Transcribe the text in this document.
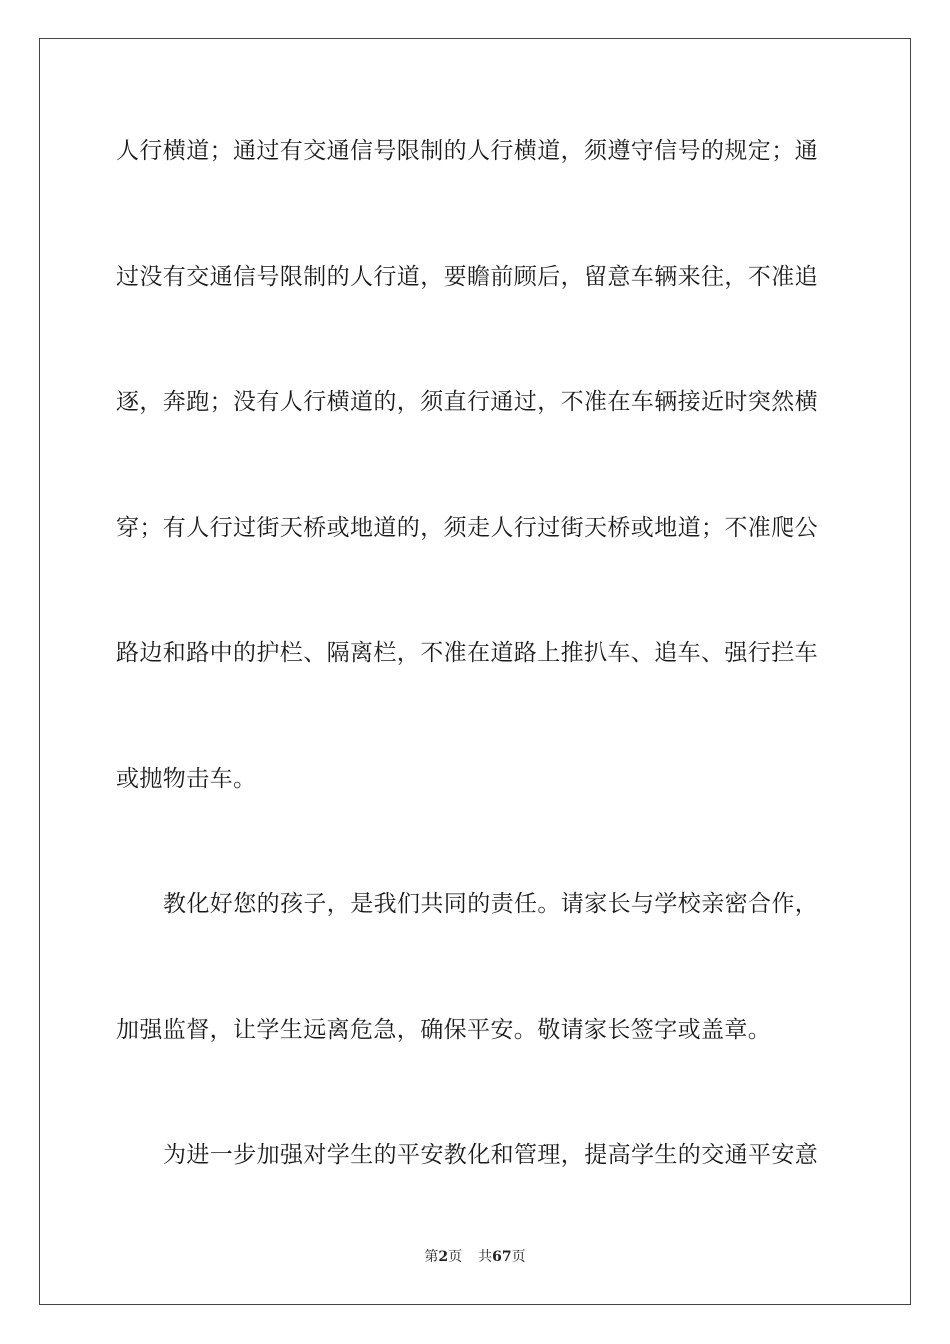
人行横道；通过有交通信号限制的人行横道，须遵守信号的规定；通
过没有交通信号限制的人行道，要瞻前顾后，留意车辆来往，不准追
逐，奔跑；没有人行横道的，须直行通过，不准在车辆接近时突然横
穿；有人行过街天桥或地道的，须走人行过街天桥或地道；不准爬公
路边和路中的护栏、隔离栏，不准在道路上推扒车、追车、强行拦车
或抛物击车。
教化好您的孩子，是我们共同的责任。请家长与学校亲密合作，
加强监督，让学生远离危急，确保平安。敬请家长签字或盖章。
为进一步加强对学生的平安教化和管理，提高学生的交通平安意
第2页 共67页
